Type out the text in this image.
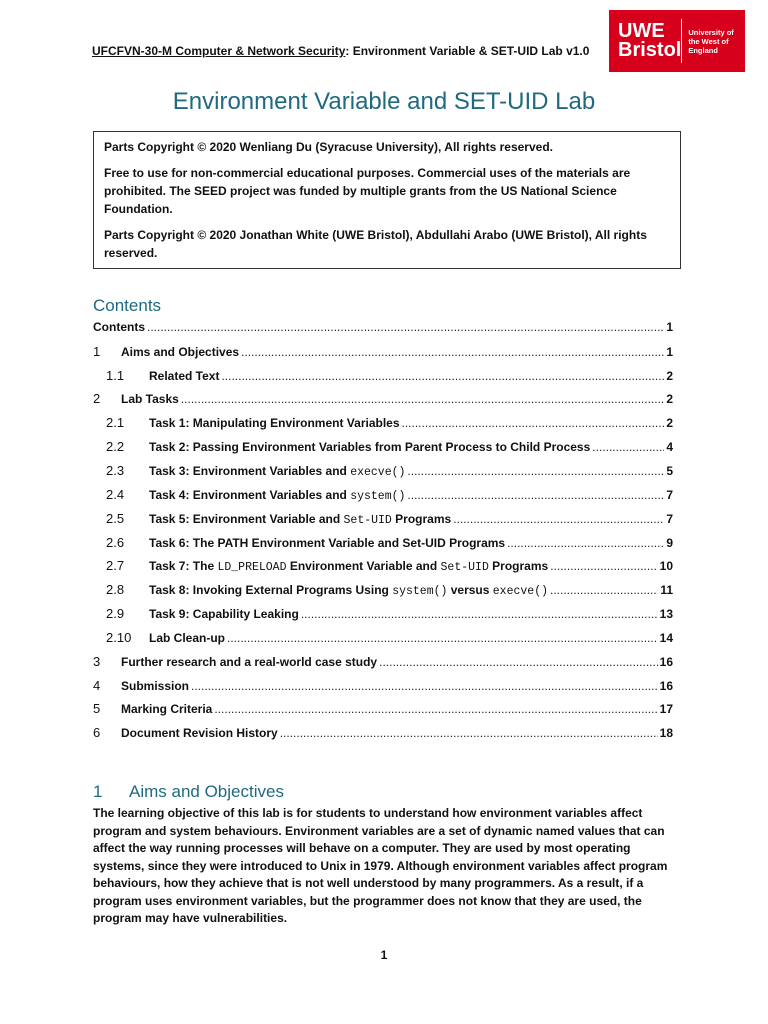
UFCFVN-30-M Computer & Network Security: Environment Variable & SET-UID Lab v1.0
UWE
Bristol
University of the West of England
Environment Variable and SET-UID Lab

Parts Copyright © 2020 Wenliang Du (Syracuse University), All rights reserved.

Free to use for non-commercial educational purposes. Commercial uses of the materials are prohibited. The SEED project was funded by multiple grants from the US National Science Foundation.

Parts Copyright © 2020 Jonathan White (UWE Bristol), Abdullahi Arabo (UWE Bristol), All rights reserved.

Contents
Contents .....	1
1	Aims and Objectives .....	1
1.1	Related Text .....	2
2	Lab Tasks .....	2
2.1	Task 1: Manipulating Environment Variables .....	2
2.2	Task 2: Passing Environment Variables from Parent Process to Child Process .....	4
2.3	Task 3: Environment Variables and execve() .....	5
2.4	Task 4: Environment Variables and system() .....	7
2.5	Task 5: Environment Variable and Set-UID Programs .....	7
2.6	Task 6: The PATH Environment Variable and Set-UID Programs .....	9
2.7	Task 7: The LD_PRELOAD Environment Variable and Set-UID Programs .....	10
2.8	Task 8: Invoking External Programs Using system() versus execve() .....	11
2.9	Task 9: Capability Leaking .....	13
2.10	Lab Clean-up .....	14
3	Further research and a real-world case study .....	16
4	Submission .....	16
5	Marking Criteria .....	17
6	Document Revision History .....	18
1 Aims and Objectives
The learning objective of this lab is for students to understand how environment variables affect program and system behaviours. Environment variables are a set of dynamic named values that can affect the way running processes will behave on a computer. They are used by most operating systems, since they were introduced to Unix in 1979. Although environment variables affect program behaviours, how they achieve that is not well understood by many programmers. As a result, if a program uses environment variables, but the programmer does not know that they are used, the program may have vulnerabilities.
1
